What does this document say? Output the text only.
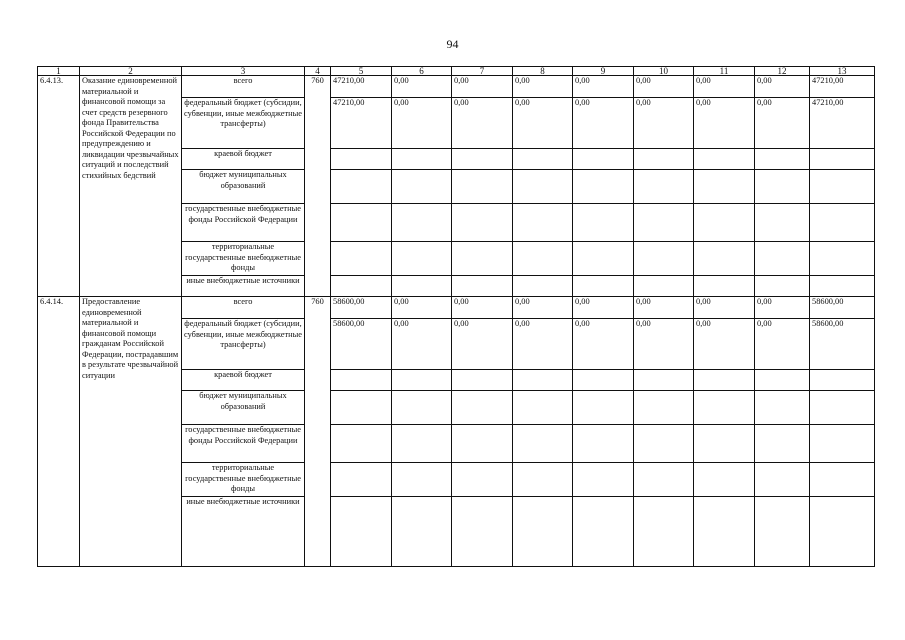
94
1	2	3	4	5	6	7	8	9	10	11	12	13
6.4.13.	Оказание единовременной материальной и финансовой помощи за счет средств резервного фонда Правительства Российской Федерации по предупреждению и ликвидации чрезвычайных ситуаций и последствий стихийных бедствий	всего	760	47210,00	0,00	0,00	0,00	0,00	0,00	0,00	0,00	47210,00
		федеральный бюджет (субсидии, субвенции, иные межбюджетные трансферты)		47210,00	0,00	0,00	0,00	0,00	0,00	0,00	0,00	47210,00
		краевой бюджет										
		бюджет муниципальных образований										
		государственные внебюджетные фонды Российской Федерации										
		территориальные государственные внебюджетные фонды										
		иные внебюджетные источники										
6.4.14.	Предоставление единовременной материальной и финансовой помощи гражданам Российской Федерации, пострадавшим в результате чрезвычайной ситуации	всего	760	58600,00	0,00	0,00	0,00	0,00	0,00	0,00	0,00	58600,00
		федеральный бюджет (субсидии, субвенции, иные межбюджетные трансферты)		58600,00	0,00	0,00	0,00	0,00	0,00	0,00	0,00	58600,00
		краевой бюджет										
		бюджет муниципальных образований										
		государственные внебюджетные фонды Российской Федерации										
		территориальные государственные внебюджетные фонды										
		иные внебюджетные источники										
